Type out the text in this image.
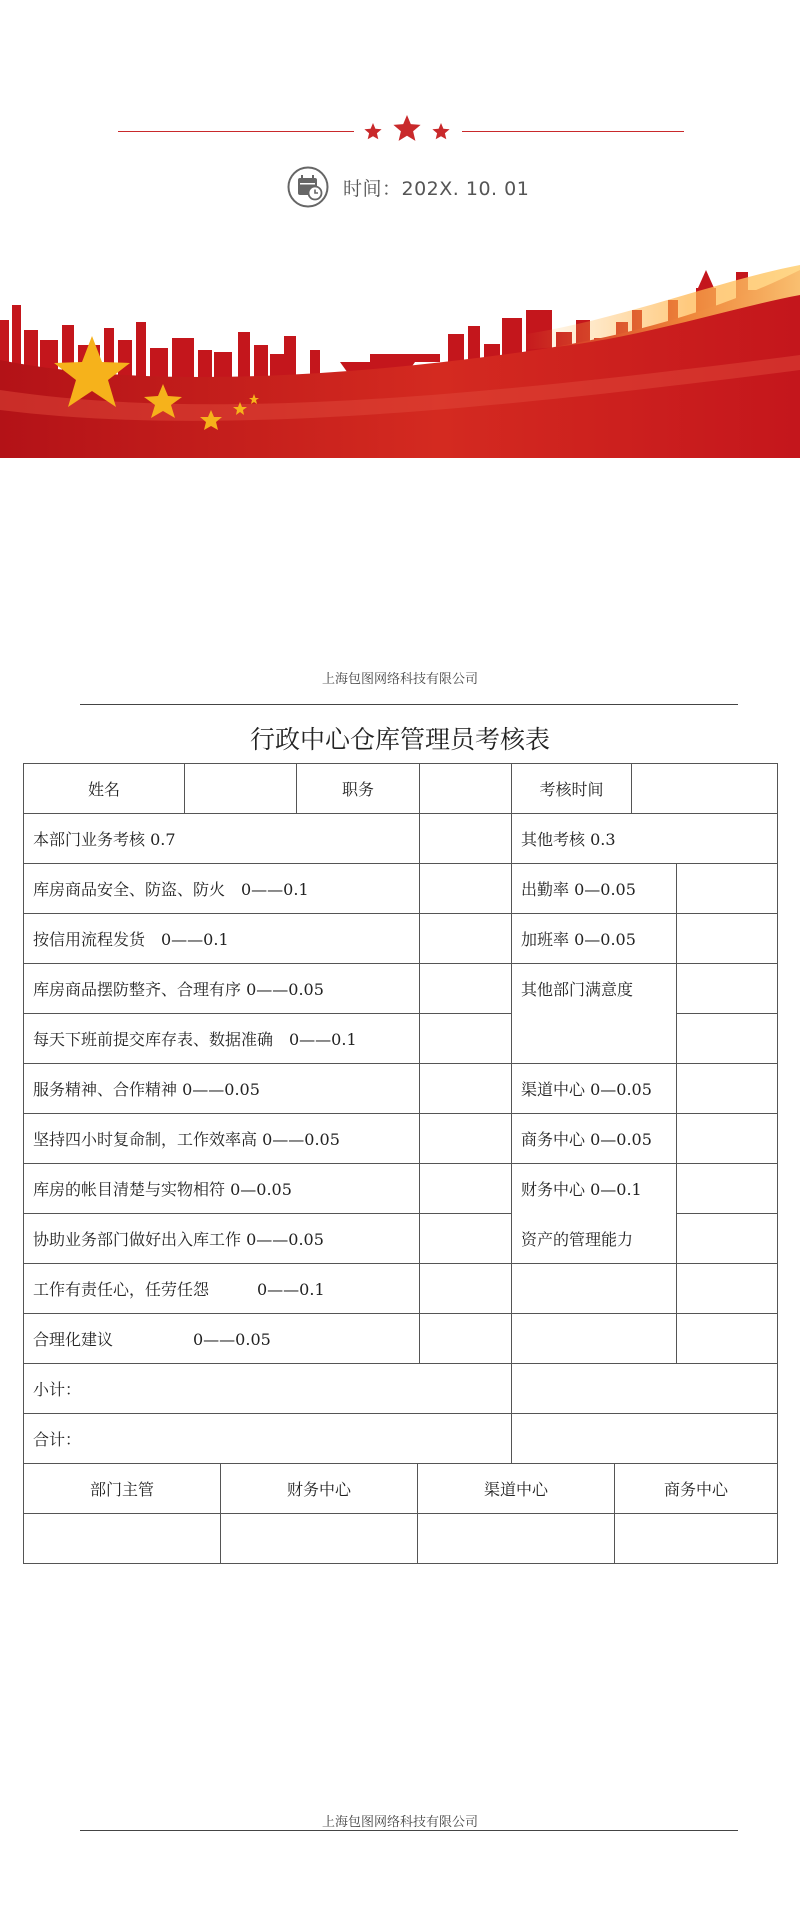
时间：202X. 10. 01
上海包图网络科技有限公司
行政中心仓库管理员考核表
姓名		职务		考核时间		
本部门业务考核 0.7				其他考核 0.3		
库房商品安全、防盗、防火　0——0.1				出勤率 0—0.05		
按信用流程发货　0——0.1				加班率 0—0.05		
库房商品摆防整齐、合理有序 0——0.05				其他部门满意度		
每天下班前提交库存表、数据准确　0——0.1						
服务精神、合作精神 0——0.05				渠道中心 0—0.05		
坚持四小时复命制，工作效率高 0——0.05				商务中心 0—0.05		
库房的帐目清楚与实物相符 0—0.05				财务中心 0—0.1		
协助业务部门做好出入库工作 0——0.05				资产的管理能力		
工作有责任心，任劳任怨　　　0——0.1						
合理化建议　　　　　0——0.05						
小计：						
合计：						
部门主管	财务中心	渠道中心	商务中心

上海包图网络科技有限公司
